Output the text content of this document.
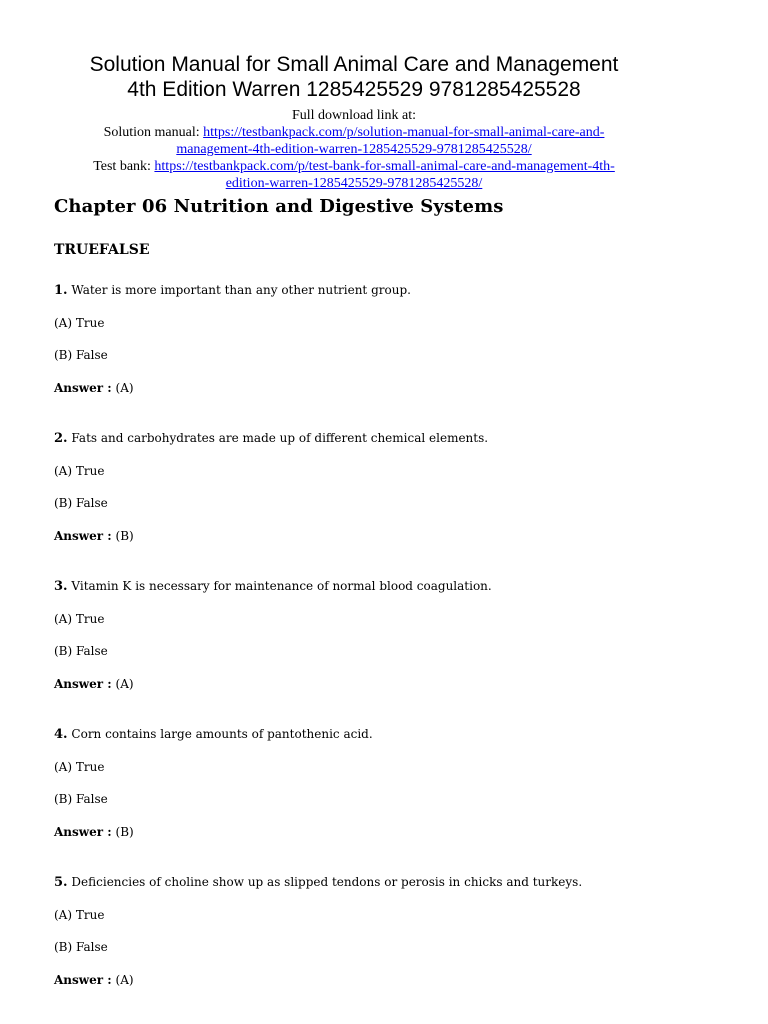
Solution Manual for Small Animal Care and Management
4th Edition Warren 1285425529 9781285425528
Full download link at:
Solution manual: https://testbankpack.com/p/solution-manual-for-small-animal-care-and-
management-4th-edition-warren-1285425529-9781285425528/
Test bank: https://testbankpack.com/p/test-bank-for-small-animal-care-and-management-4th-
edition-warren-1285425529-9781285425528/
Chapter 06 Nutrition and Digestive Systems
TRUEFALSE
1. Water is more important than any other nutrient group.
(A) True
(B) False
Answer : (A)
2. Fats and carbohydrates are made up of different chemical elements.
(A) True
(B) False
Answer : (B)
3. Vitamin K is necessary for maintenance of normal blood coagulation.
(A) True
(B) False
Answer : (A)
4. Corn contains large amounts of pantothenic acid.
(A) True
(B) False
Answer : (B)
5. Deficiencies of choline show up as slipped tendons or perosis in chicks and turkeys.
(A) True
(B) False
Answer : (A)
